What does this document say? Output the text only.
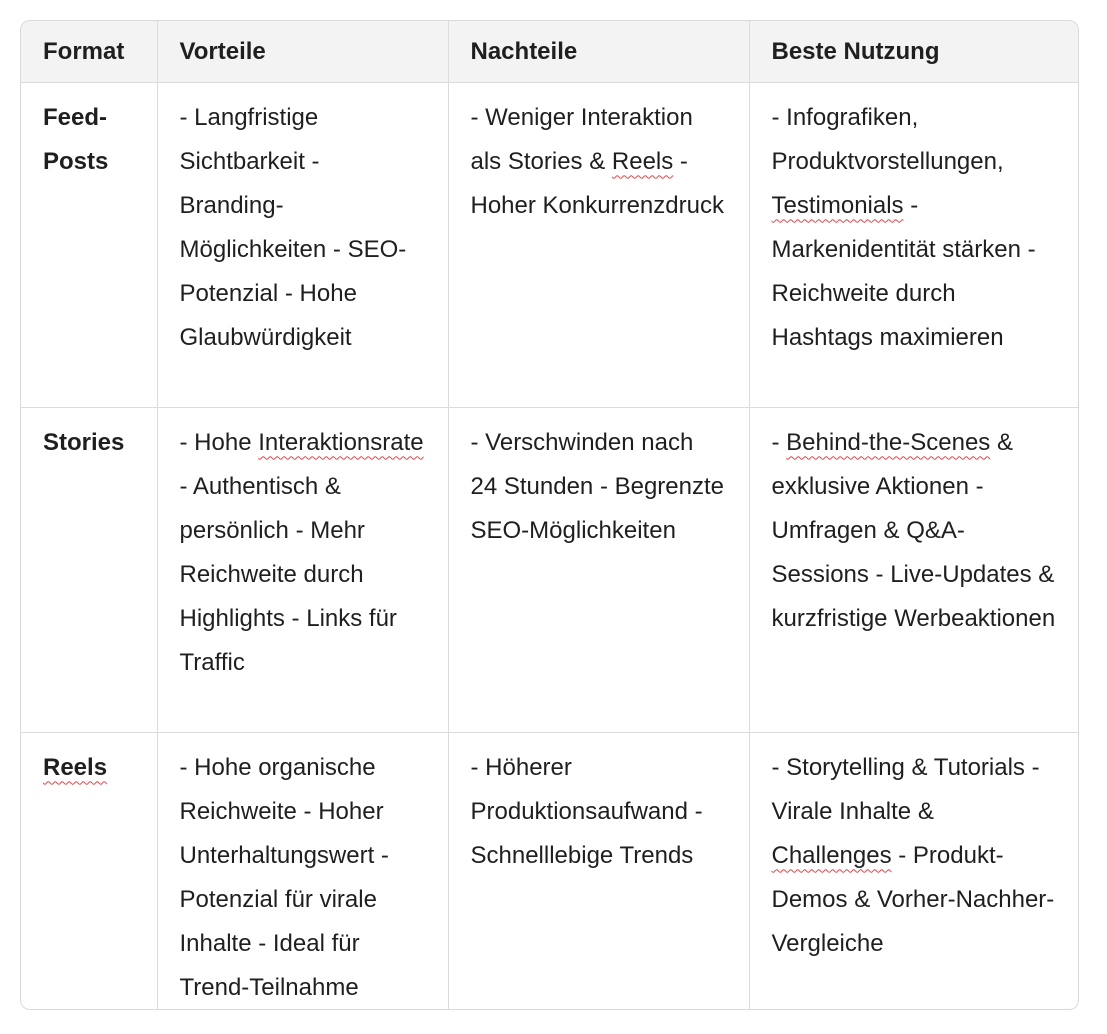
Format	Vorteile	Nachteile	Beste Nutzung
Feed-Posts	- Langfristige Sichtbarkeit - Branding-Möglichkeiten - SEO-Potenzial - Hohe Glaubwürdigkeit	- Weniger Interaktion als Stories & Reels - Hoher Konkurrenzdruck	- Infografiken, Produktvorstellungen, Testimonials - Markenidentität stärken - Reichweite durch Hashtags maximieren
Stories	- Hohe Interaktionsrate - Authentisch & persönlich - Mehr Reichweite durch Highlights - Links für Traffic	- Verschwinden nach 24 Stunden - Begrenzte SEO-Möglichkeiten	- Behind-the-Scenes & exklusive Aktionen - Umfragen & Q&A-Sessions - Live-Updates & kurzfristige Werbeaktionen
Reels	- Hohe organische Reichweite - Hoher Unterhaltungswert - Potenzial für virale Inhalte - Ideal für Trend-Teilnahme	- Höherer Produktionsaufwand - Schnelllebige Trends	- Storytelling & Tutorials - Virale Inhalte & Challenges - Produkt-Demos & Vorher-Nachher-Vergleiche
